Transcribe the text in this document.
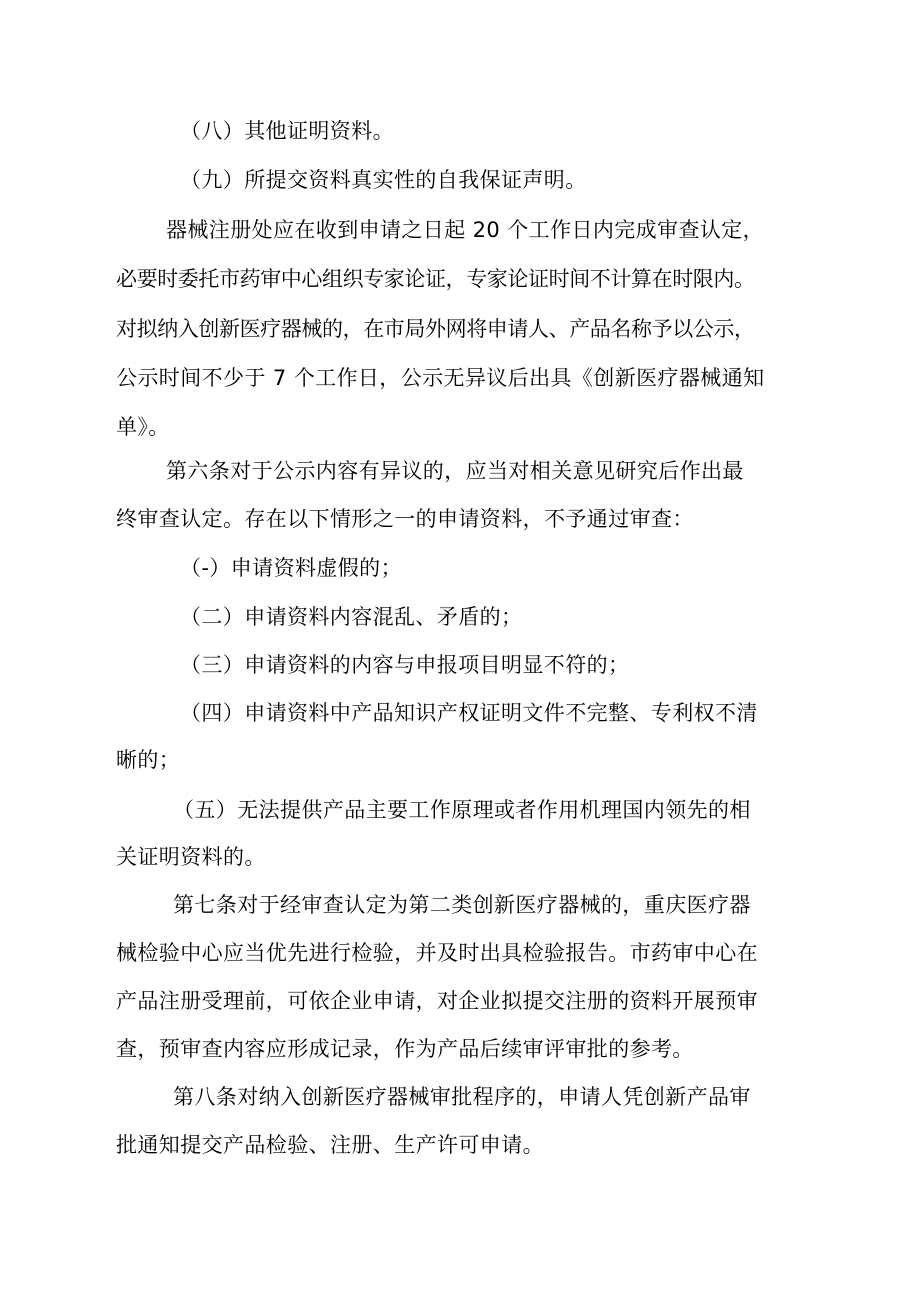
（八）其他证明资料。

（九）所提交资料真实性的自我保证声明。

器械注册处应在收到申请之日起 20 个工作日内完成审查认定，

必要时委托市药审中心组织专家论证，专家论证时间不计算在时限内。

对拟纳入创新医疗器械的，在市局外网将申请人、产品名称予以公示，

公示时间不少于 7 个工作日，公示无异议后出具《创新医疗器械通知

单》。

第六条对于公示内容有异议的，应当对相关意见研究后作出最

终审查认定。存在以下情形之一的申请资料，不予通过审查：

（-）申请资料虚假的；

（二）申请资料内容混乱、矛盾的；

（三）申请资料的内容与申报项目明显不符的；

（四）申请资料中产品知识产权证明文件不完整、专利权不清

晰的；

（五）无法提供产品主要工作原理或者作用机理国内领先的相

关证明资料的。

第七条对于经审查认定为第二类创新医疗器械的，重庆医疗器

械检验中心应当优先进行检验，并及时出具检验报告。市药审中心在

产品注册受理前，可依企业申请，对企业拟提交注册的资料开展预审

查，预审查内容应形成记录，作为产品后续审评审批的参考。

第八条对纳入创新医疗器械审批程序的，申请人凭创新产品审

批通知提交产品检验、注册、生产许可申请。
